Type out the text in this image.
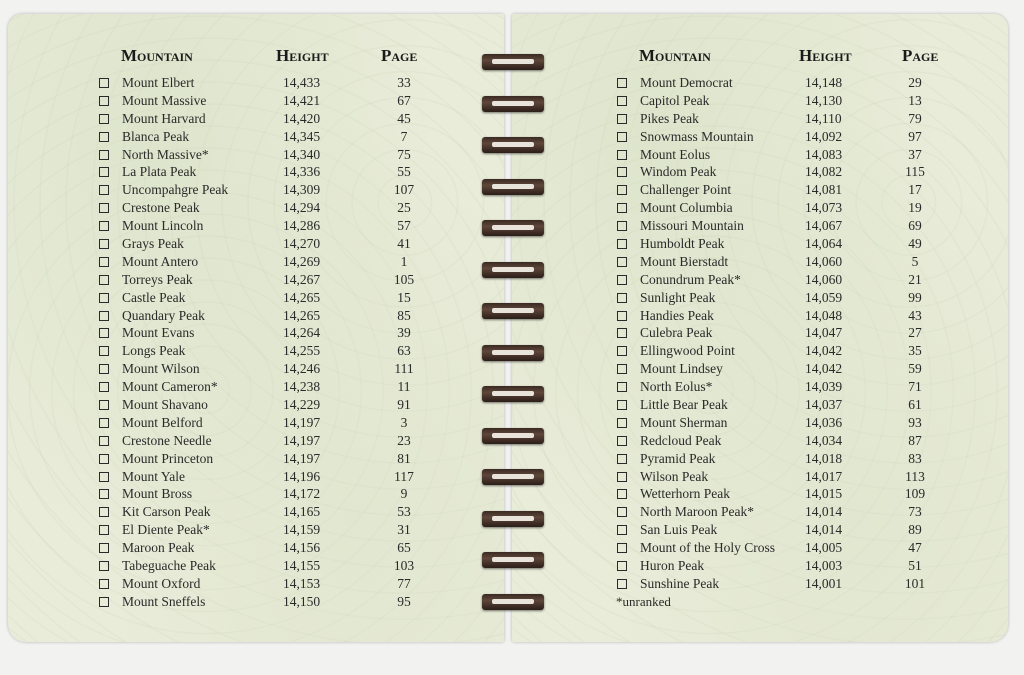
Mountain	Height	Page
Mount Elbert	14,433	33
Mount Massive	14,421	67
Mount Harvard	14,420	45
Blanca Peak	14,345	7
North Massive*	14,340	75
La Plata Peak	14,336	55
Uncompahgre Peak	14,309	107
Crestone Peak	14,294	25
Mount Lincoln	14,286	57
Grays Peak	14,270	41
Mount Antero	14,269	1
Torreys Peak	14,267	105
Castle Peak	14,265	15
Quandary Peak	14,265	85
Mount Evans	14,264	39
Longs Peak	14,255	63
Mount Wilson	14,246	111
Mount Cameron*	14,238	11
Mount Shavano	14,229	91
Mount Belford	14,197	3
Crestone Needle	14,197	23
Mount Princeton	14,197	81
Mount Yale	14,196	117
Mount Bross	14,172	9
Kit Carson Peak	14,165	53
El Diente Peak*	14,159	31
Maroon Peak	14,156	65
Tabeguache Peak	14,155	103
Mount Oxford	14,153	77
Mount Sneffels	14,150	95
Mountain	Height	Page
Mount Democrat	14,148	29
Capitol Peak	14,130	13
Pikes Peak	14,110	79
Snowmass Mountain	14,092	97
Mount Eolus	14,083	37
Windom Peak	14,082	115
Challenger Point	14,081	17
Mount Columbia	14,073	19
Missouri Mountain	14,067	69
Humboldt Peak	14,064	49
Mount Bierstadt	14,060	5
Conundrum Peak*	14,060	21
Sunlight Peak	14,059	99
Handies Peak	14,048	43
Culebra Peak	14,047	27
Ellingwood Point	14,042	35
Mount Lindsey	14,042	59
North Eolus*	14,039	71
Little Bear Peak	14,037	61
Mount Sherman	14,036	93
Redcloud Peak	14,034	87
Pyramid Peak	14,018	83
Wilson Peak	14,017	113
Wetterhorn Peak	14,015	109
North Maroon Peak*	14,014	73
San Luis Peak	14,014	89
Mount of the Holy Cross 14,005	47
Huron Peak	14,003	51
Sunshine Peak	14,001	101
*unranked
